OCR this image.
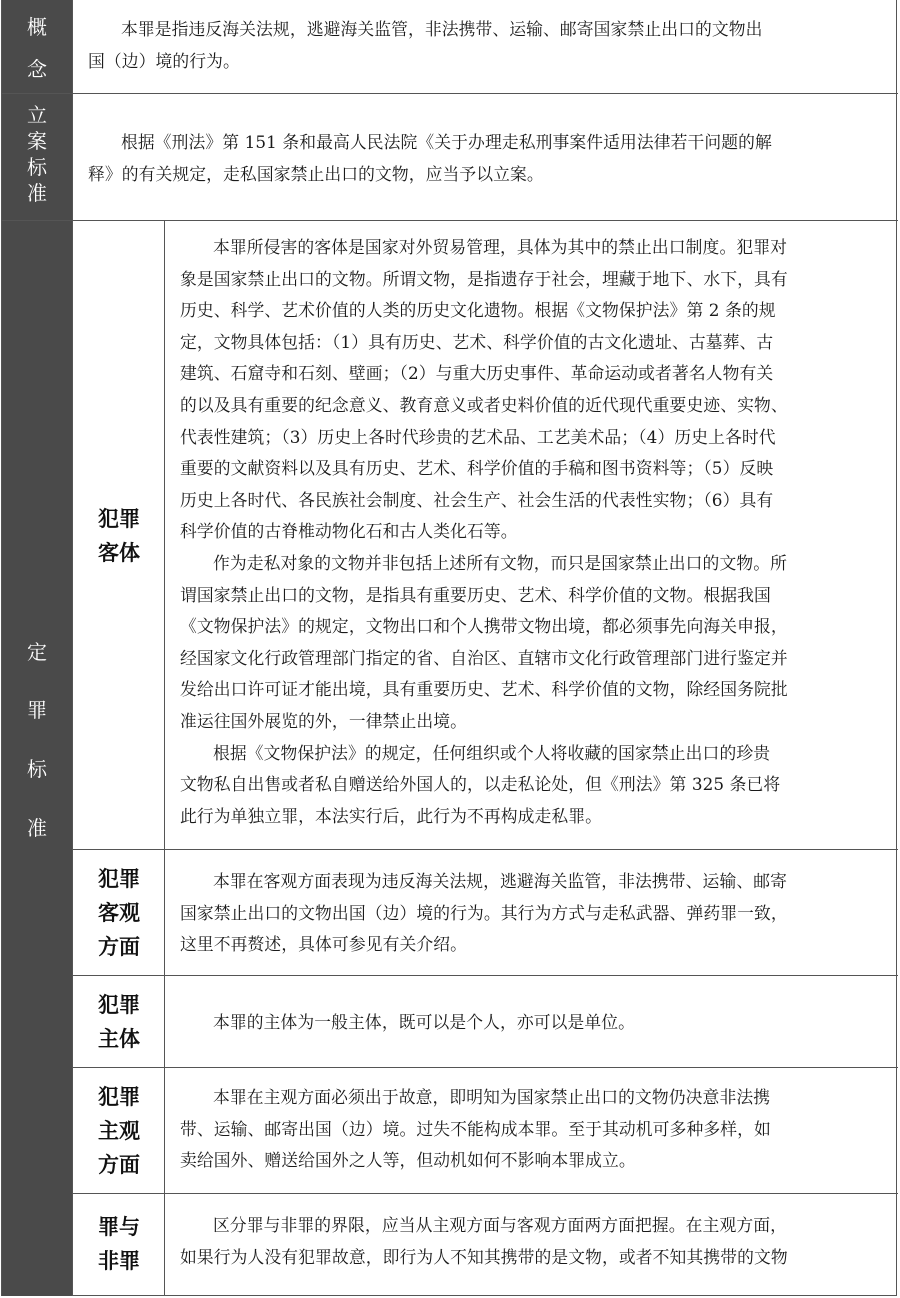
概
念
立
案
标
准
定
罪
标
准
本罪是指违反海关法规，逃避海关监管，非法携带、运输、邮寄国家禁止出口的文物出
国（边）境的行为。
根据《刑法》第 151 条和最高人民法院《关于办理走私刑事案件适用法律若干问题的解
释》的有关规定，走私国家禁止出口的文物，应当予以立案。
犯罪
客体
本罪所侵害的客体是国家对外贸易管理，具体为其中的禁止出口制度。犯罪对
象是国家禁止出口的文物。所谓文物，是指遗存于社会，埋藏于地下、水下，具有
历史、科学、艺术价值的人类的历史文化遗物。根据《文物保护法》第 2 条的规
定，文物具体包括：（1）具有历史、艺术、科学价值的古文化遗址、古墓葬、古
建筑、石窟寺和石刻、壁画；（2）与重大历史事件、革命运动或者著名人物有关
的以及具有重要的纪念意义、教育意义或者史料价值的近代现代重要史迹、实物、
代表性建筑；（3）历史上各时代珍贵的艺术品、工艺美术品；（4）历史上各时代
重要的文献资料以及具有历史、艺术、科学价值的手稿和图书资料等；（5）反映
历史上各时代、各民族社会制度、社会生产、社会生活的代表性实物；（6）具有
科学价值的古脊椎动物化石和古人类化石等。
作为走私对象的文物并非包括上述所有文物，而只是国家禁止出口的文物。所
谓国家禁止出口的文物，是指具有重要历史、艺术、科学价值的文物。根据我国
《文物保护法》的规定，文物出口和个人携带文物出境，都必须事先向海关申报，
经国家文化行政管理部门指定的省、自治区、直辖市文化行政管理部门进行鉴定并
发给出口许可证才能出境，具有重要历史、艺术、科学价值的文物，除经国务院批
准运往国外展览的外，一律禁止出境。
根据《文物保护法》的规定，任何组织或个人将收藏的国家禁止出口的珍贵
文物私自出售或者私自赠送给外国人的，以走私论处，但《刑法》第 325 条已将
此行为单独立罪，本法实行后，此行为不再构成走私罪。
犯罪
客观
方面
本罪在客观方面表现为违反海关法规，逃避海关监管，非法携带、运输、邮寄
国家禁止出口的文物出国（边）境的行为。其行为方式与走私武器、弹药罪一致，
这里不再赘述，具体可参见有关介绍。
犯罪
主体
本罪的主体为一般主体，既可以是个人，亦可以是单位。
犯罪
主观
方面
本罪在主观方面必须出于故意，即明知为国家禁止出口的文物仍决意非法携
带、运输、邮寄出国（边）境。过失不能构成本罪。至于其动机可多种多样，如
卖给国外、赠送给国外之人等，但动机如何不影响本罪成立。
罪与
非罪
区分罪与非罪的界限，应当从主观方面与客观方面两方面把握。在主观方面，
如果行为人没有犯罪故意，即行为人不知其携带的是文物，或者不知其携带的文物
